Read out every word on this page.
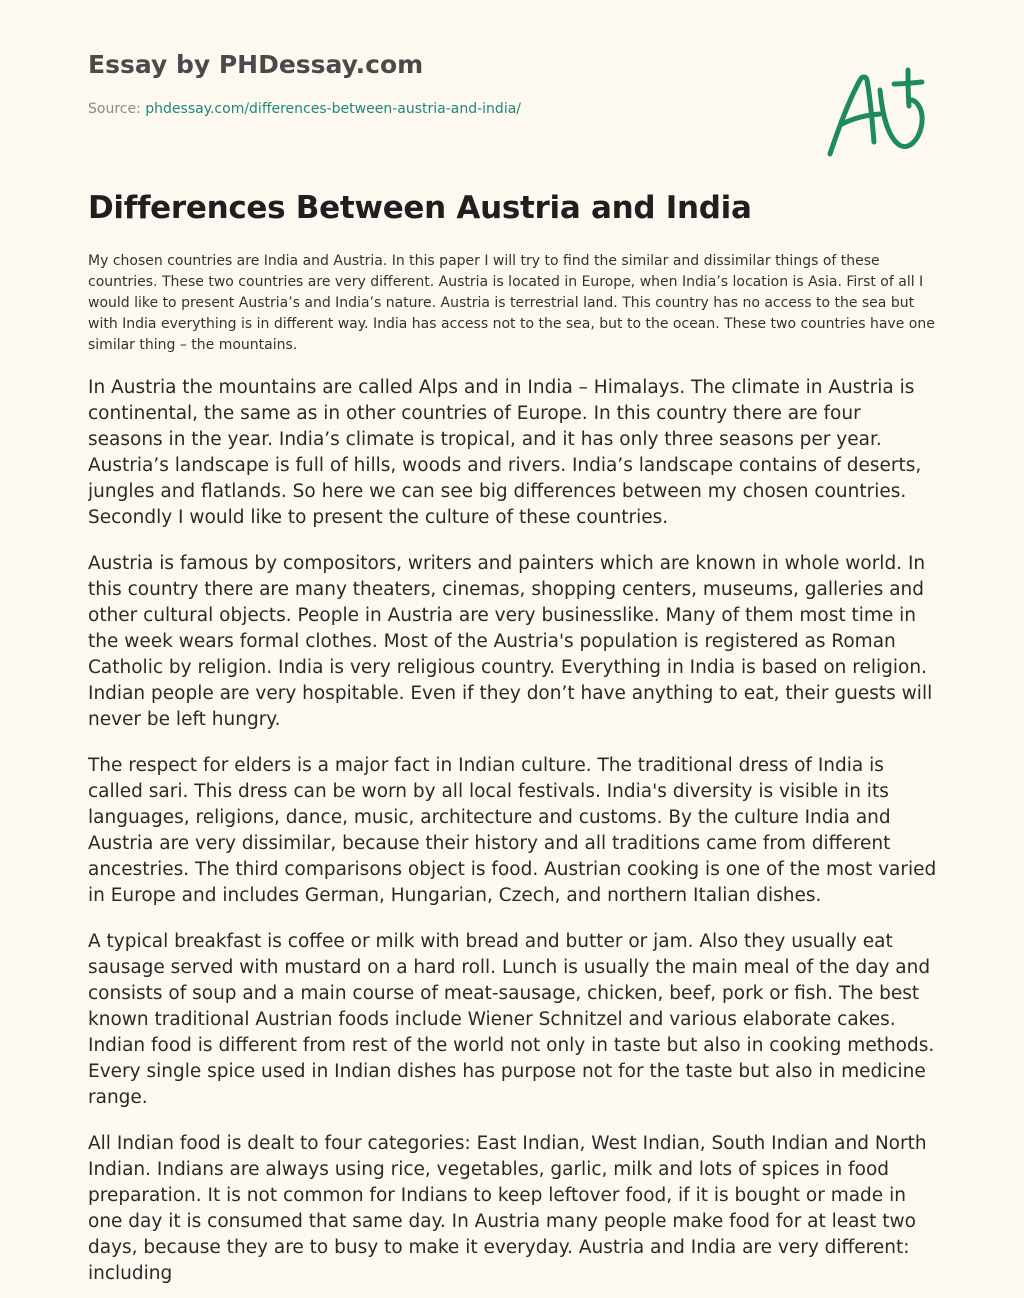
Essay by PHDessay.com
Source: phdessay.com/differences-between-austria-and-india/
Differences Between Austria and India

My chosen countries are India and Austria. In this paper I will try to find the similar and dissimilar things of these countries. These two countries are very different. Austria is located in Europe, when India’s location is Asia. First of all I would like to present Austria’s and India’s nature. Austria is terrestrial land. This country has no access to the sea but with India everything is in different way. India has access not to the sea, but to the ocean. These two countries have one similar thing – the mountains.

In Austria the mountains are called Alps and in India – Himalays. The climate in Austria is continental, the same as in other countries of Europe. In this country there are four seasons in the year. India’s climate is tropical, and it has only three seasons per year. Austria’s landscape is full of hills, woods and rivers. India’s landscape contains of deserts, jungles and flatlands. So here we can see big differences between my chosen countries. Secondly I would like to present the culture of these countries.

Austria is famous by compositors, writers and painters which are known in whole world. In this country there are many theaters, cinemas, shopping centers, museums, galleries and other cultural objects. People in Austria are very businesslike. Many of them most time in the week wears formal clothes. Most of the Austria's population is registered as Roman Catholic by religion. India is very religious country. Everything in India is based on religion. Indian people are very hospitable. Even if they don’t have anything to eat, their guests will never be left hungry.

The respect for elders is a major fact in Indian culture. The traditional dress of India is called sari. This dress can be worn by all local festivals. India's diversity is visible in its languages, religions, dance, music, architecture and customs. By the culture India and Austria are very dissimilar, because their history and all traditions came from different ancestries. The third comparisons object is food. Austrian cooking is one of the most varied in Europe and includes German, Hungarian, Czech, and northern Italian dishes.

A typical breakfast is coffee or milk with bread and butter or jam. Also they usually eat sausage served with mustard on a hard roll. Lunch is usually the main meal of the day and consists of soup and a main course of meat-sausage, chicken, beef, pork or fish. The best known traditional Austrian foods include Wiener Schnitzel and various elaborate cakes. Indian food is different from rest of the world not only in taste but also in cooking methods. Every single spice used in Indian dishes has purpose not for the taste but also in medicine range.

All Indian food is dealt to four categories: East Indian, West Indian, South Indian and North Indian. Indians are always using rice, vegetables, garlic, milk and lots of spices in food preparation. It is not common for Indians to keep leftover food, if it is bought or made in one day it is consumed that same day. In Austria many people make food for at least two days, because they are to busy to make it everyday. Austria and India are very different: including
